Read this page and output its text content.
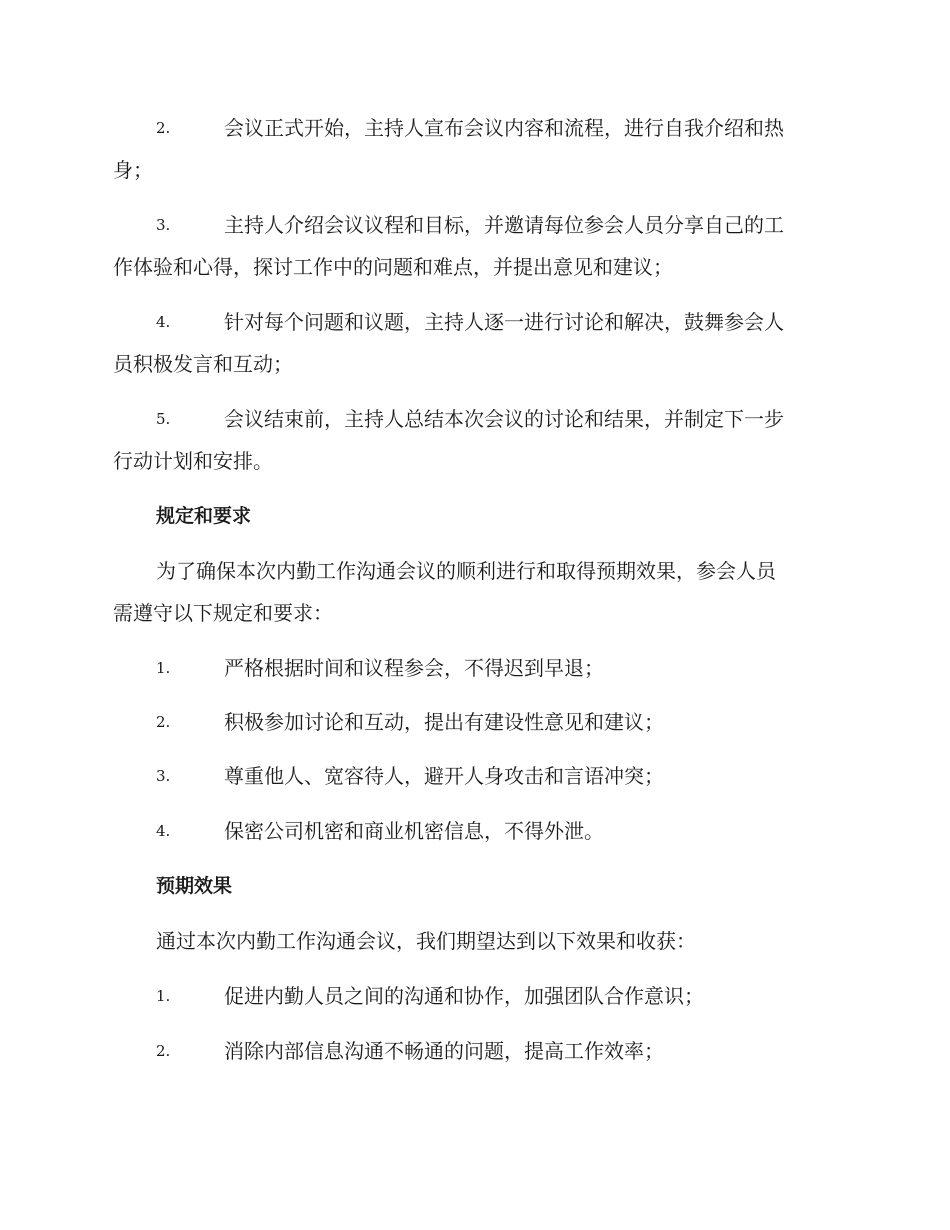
2.	会议正式开始，主持人宣布会议内容和流程，进行自我介绍和热
身；
3.	主持人介绍会议议程和目标，并邀请每位参会人员分享自己的工
作体验和心得，探讨工作中的问题和难点，并提出意见和建议；
4.	针对每个问题和议题，主持人逐一进行讨论和解决，鼓舞参会人
员积极发言和互动；
5.	会议结束前，主持人总结本次会议的讨论和结果，并制定下一步
行动计划和安排。
规定和要求
为了确保本次内勤工作沟通会议的顺利进行和取得预期效果，参会人员
需遵守以下规定和要求：
1.	严格根据时间和议程参会，不得迟到早退；
2.	积极参加讨论和互动，提出有建设性意见和建议；
3.	尊重他人、宽容待人，避开人身攻击和言语冲突；
4.	保密公司机密和商业机密信息，不得外泄。
预期效果
通过本次内勤工作沟通会议，我们期望达到以下效果和收获：
1.	促进内勤人员之间的沟通和协作，加强团队合作意识；
2.	消除内部信息沟通不畅通的问题，提高工作效率；
